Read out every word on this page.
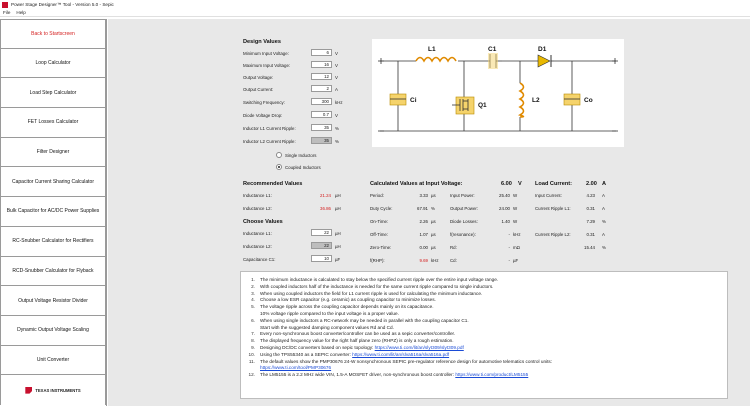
Power Stage Designer™ Tool - Version 5.0 - Sepic
File Help
Back to Startscreen
Loop Calculator
Load Step Calculator
FET Losses Calculator
Filter Designer
Capacitor Current Sharing Calculator
Bulk Capacitor for AC/DC Power Supplies
RC-Snubber Calculator for Rectifiers
RCD-Snubber Calculator for Flyback
Output Voltage Resistor Divider
Dynamic Output Voltage Scaling
Unit Converter
TEXAS INSTRUMENTS
Design Values
Minimum Input Voltage:	6	V
Maximum Input Voltage:	16	V
Output Voltage:	12	V
Output Current:	2	A
Switching Frequency:	300	kHz
Diode Voltage Drop:	0.7	V
Inductor L1 Current Ripple:	35	%
Inductor L2 Current Ripple:	35	%
Single Inductors
Coupled Inductors
L1	C1	D1
Ci
Q1
L2	Co
Recommended Values
Inductance L1:	21.24 µH
Inductance L2:	36.86 µH
Choose Values
Inductance L1:	22	µH
Inductance L2:	22	µH
Capacitance C1:	10	µF
Calculated Values at Input Voltage:	6.00 V
Period:	3.33 µs
Duty Cycle:	67.91 %
On-Time:	2.26 µs
Off-Time:	1.07 µs
Zero-Time:	0.00 µs
f(RHP):	9.69 kHz
Input Power:	25.40 W
Output Power:	24.00 W
Diode Losses:	1.40 W
f(resonance):	- kHz
Rd:	- mΩ
Cd:	- µF
Load Current:	2.00 A
Input Current:	4.23 A
Current Ripple L1:	0.31 A
7.29 %
Current Ripple L2:	0.31 A
15.44 %
1. The minimum inductance is calculated to stay below the specified current ripple over the entire input voltage range.
2. With coupled inductors half of the inductance is needed for the same current ripple compared to single inductors.
3. When using coupled inductors the field for L1 current ripple is used for calculating the minimum inductance.
4. Choose a low ESR capacitor (e.g. ceramic) as coupling capacitor to minimize losses.
5. The voltage ripple across the coupling capacitor depends mainly on its capacitance.
10% voltage ripple compared to the input voltage is a proper value.
6. When using single inductors a RC-network may be needed in parallel with the coupling capacitor C1.
Start with the suggested damping component values Rd and Cd.
7. Every non-synchronous boost converter/controller can be used as a sepic converter/controller.
8. The displayed frequency value for the right half plane zero (RHPZ) is only a rough estimation.
9. Designing DC/DC converters based on sepic topology: https://www.ti.com/lit/an/slyt309/slyt309.pdf
10. Using the TPS55340 as a SEPIC converter: https://www.ti.com/lit/an/slva516a/slva516a.pdf
11. The default values show the PMP30676 24-W nonsynchronous SEPIC pre-regulator reference design for automotive telematics control units:
https://www.ti.com/tool/PMP30676
12. The LM5155 is a 2.2 MHz wide VIN, 1.5-A MOSFET driver, non-synchronous boost controller: https://www.ti.com/product/LM5155
